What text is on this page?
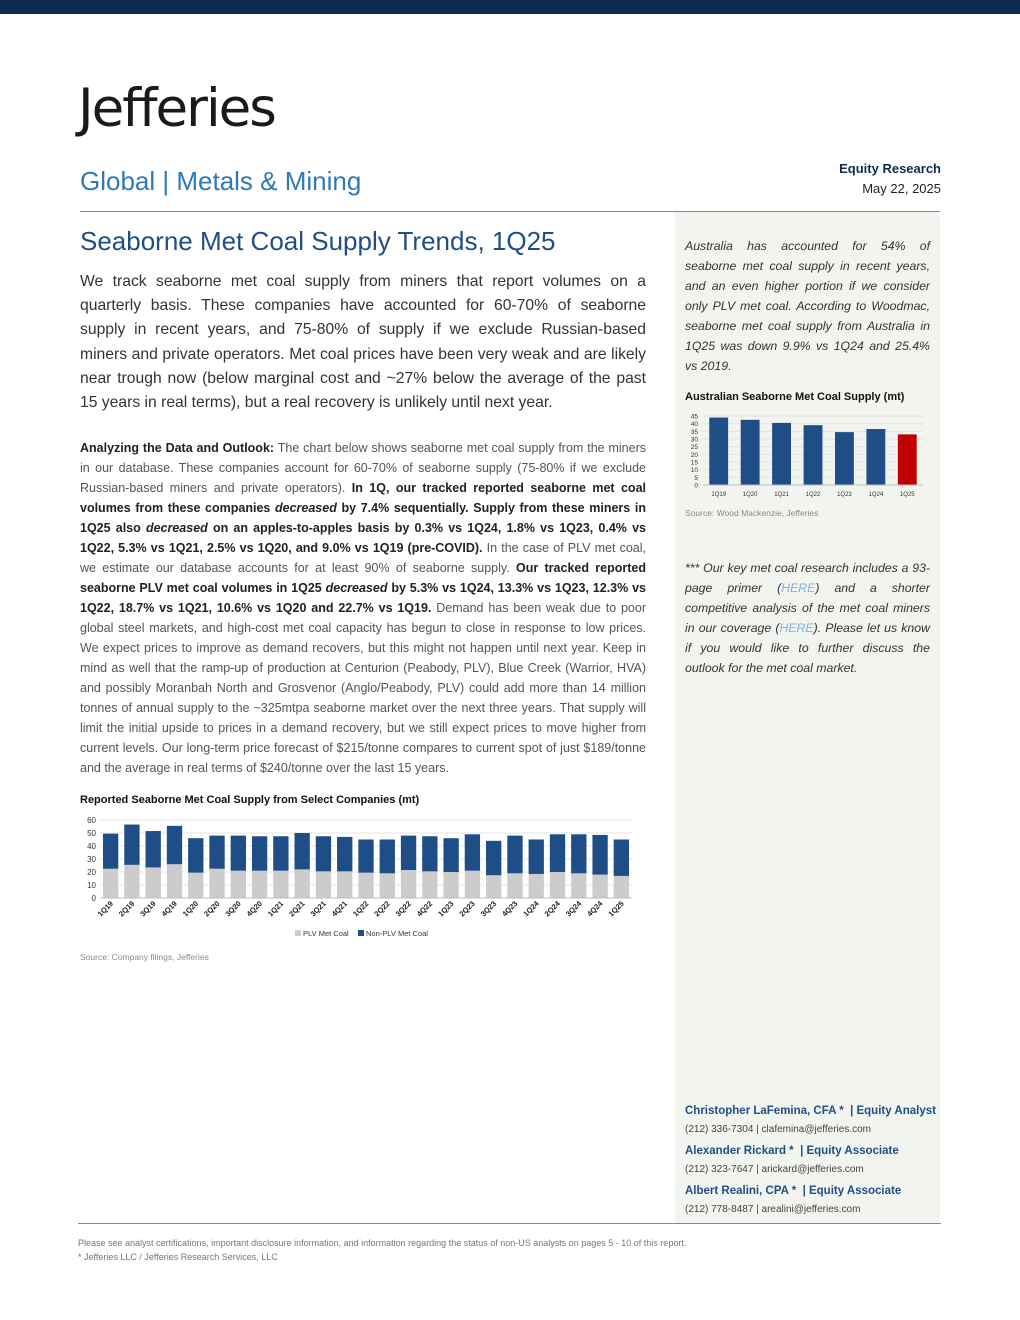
Jefferies
Global | Metals & Mining	Equity Research
May 22, 2025
Seaborne Met Coal Supply Trends, 1Q25
We track seaborne met coal supply from miners that report volumes on a quarterly basis. These companies have accounted for 60-70% of seaborne supply in recent years, and 75-80% of supply if we exclude Russian-based miners and private operators. Met coal prices have been very weak and are likely near trough now (below marginal cost and ~27% below the average of the past 15 years in real terms), but a real recovery is unlikely until next year.
Analyzing the Data and Outlook: The chart below shows seaborne met coal supply from the miners in our database. These companies account for 60-70% of seaborne supply (75-80% if we exclude Russian-based miners and private operators). In 1Q, our tracked reported seaborne met coal volumes from these companies decreased by 7.4% sequentially. Supply from these miners in 1Q25 also decreased on an apples-to-apples basis by 0.3% vs 1Q24, 1.8% vs 1Q23, 0.4% vs 1Q22, 5.3% vs 1Q21, 2.5% vs 1Q20, and 9.0% vs 1Q19 (pre-COVID). In the case of PLV met coal, we estimate our database accounts for at least 90% of seaborne supply. Our tracked reported seaborne PLV met coal volumes in 1Q25 decreased by 5.3% vs 1Q24, 13.3% vs 1Q23, 12.3% vs 1Q22, 18.7% vs 1Q21, 10.6% vs 1Q20 and 22.7% vs 1Q19. Demand has been weak due to poor global steel markets, and high-cost met coal capacity has begun to close in response to low prices. We expect prices to improve as demand recovers, but this might not happen until next year. Keep in mind as well that the ramp-up of production at Centurion (Peabody, PLV), Blue Creek (Warrior, HVA) and possibly Moranbah North and Grosvenor (Anglo/Peabody, PLV) could add more than 14 million tonnes of annual supply to the ~325mtpa seaborne market over the next three years. That supply will limit the initial upside to prices in a demand recovery, but we still expect prices to move higher from current levels. Our long-term price forecast of $215/tonne compares to current spot of just $189/tonne and the average in real terms of $240/tonne over the last 15 years.
Reported Seaborne Met Coal Supply from Select Companies (mt)
0
10
20
30
40
50
60
1Q19 2Q19 3Q19 4Q19 1Q20 2Q20 3Q20 4Q20 1Q21 2Q21 3Q21 4Q21 1Q22 2Q22 3Q22 4Q22 1Q23 2Q23 3Q23 4Q23 1Q24 2Q24 3Q24 4Q24 1Q25
PLV Met Coal Non-PLV Met Coal
Source: Company filings, Jefferies
Australian Seaborne Met Coal Supply (mt)
0
5
10
15
20
25
30
35
40
45
1Q19	1Q20	1Q21	1Q22	1Q23	1Q24	1Q25
Source: Wood Mackenzie, Jefferies
Australia has accounted for 54% of seaborne met coal supply in recent years, and an even higher portion if we consider only PLV met coal. According to Woodmac, seaborne met coal supply from Australia in 1Q25 was down 9.9% vs 1Q24 and 25.4% vs 2019.
*** Our key met coal research includes a 93-page primer (HERE) and a shorter competitive analysis of the met coal miners in our coverage (HERE). Please let us know if you would like to further discuss the outlook for the met coal market.
Christopher LaFemina, CFA * | Equity Analyst
(212) 336-7304 | clafemina@jefferies.com
Alexander Rickard * | Equity Associate
(212) 323-7647 | arickard@jefferies.com
Albert Realini, CPA * | Equity Associate
(212) 778-8487 | arealini@jefferies.com
Please see analyst certifications, important disclosure information, and information regarding the status of non-US analysts on pages 5 - 10 of this report.
* Jefferies LLC / Jefferies Research Services, LLC
